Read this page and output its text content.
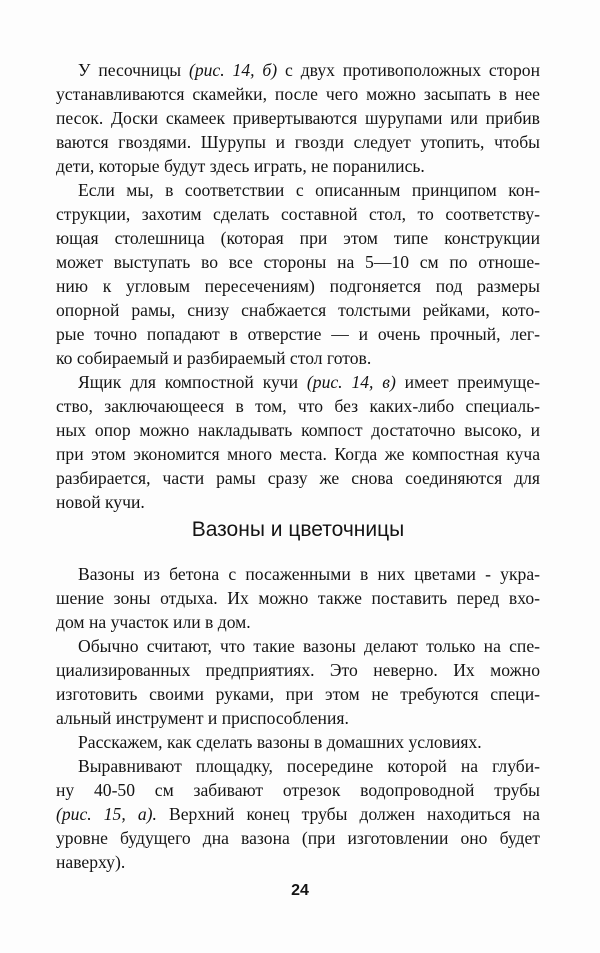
У песочницы (рис. 14, б) с двух противоположных сторон
устанавливаются скамейки, после чего можно засыпать в нее
песок. Доски скамеек привертываются шурупами или прибив
ваются гвоздями. Шурупы и гвозди следует утопить, чтобы
дети, которые будут здесь играть, не поранились.
Если мы, в соответствии с описанным принципом кон-
струкции, захотим сделать составной стол, то соответству-
ющая столешница (которая при этом типе конструкции
может выступать во все стороны на 5—10 см по отноше-
нию к угловым пересечениям) подгоняется под размеры
опорной рамы, снизу снабжается толстыми рейками, кото-
рые точно попадают в отверстие — и очень прочный, лег-
ко собираемый и разбираемый стол готов.
Ящик для компостной кучи (рис. 14, в) имеет преимуще-
ство, заключающееся в том, что без каких-либо специаль-
ных опор можно накладывать компост достаточно высоко, и
при этом экономится много места. Когда же компостная куча
разбирается, части рамы сразу же снова соединяются для
новой кучи.
Вазоны и цветочницы
Вазоны из бетона с посаженными в них цветами - укра-
шение зоны отдыха. Их можно также поставить перед вхо-
дом на участок или в дом.
Обычно считают, что такие вазоны делают только на спе-
циализированных предприятиях. Это неверно. Их можно
изготовить своими руками, при этом не требуются специ-
альный инструмент и приспособления.
Расскажем, как сделать вазоны в домашних условиях.
Выравнивают площадку, посередине которой на глуби-
ну 40-50 см забивают отрезок водопроводной трубы
(рис. 15, а). Верхний конец трубы должен находиться на
уровне будущего дна вазона (при изготовлении оно будет
наверху).
24
